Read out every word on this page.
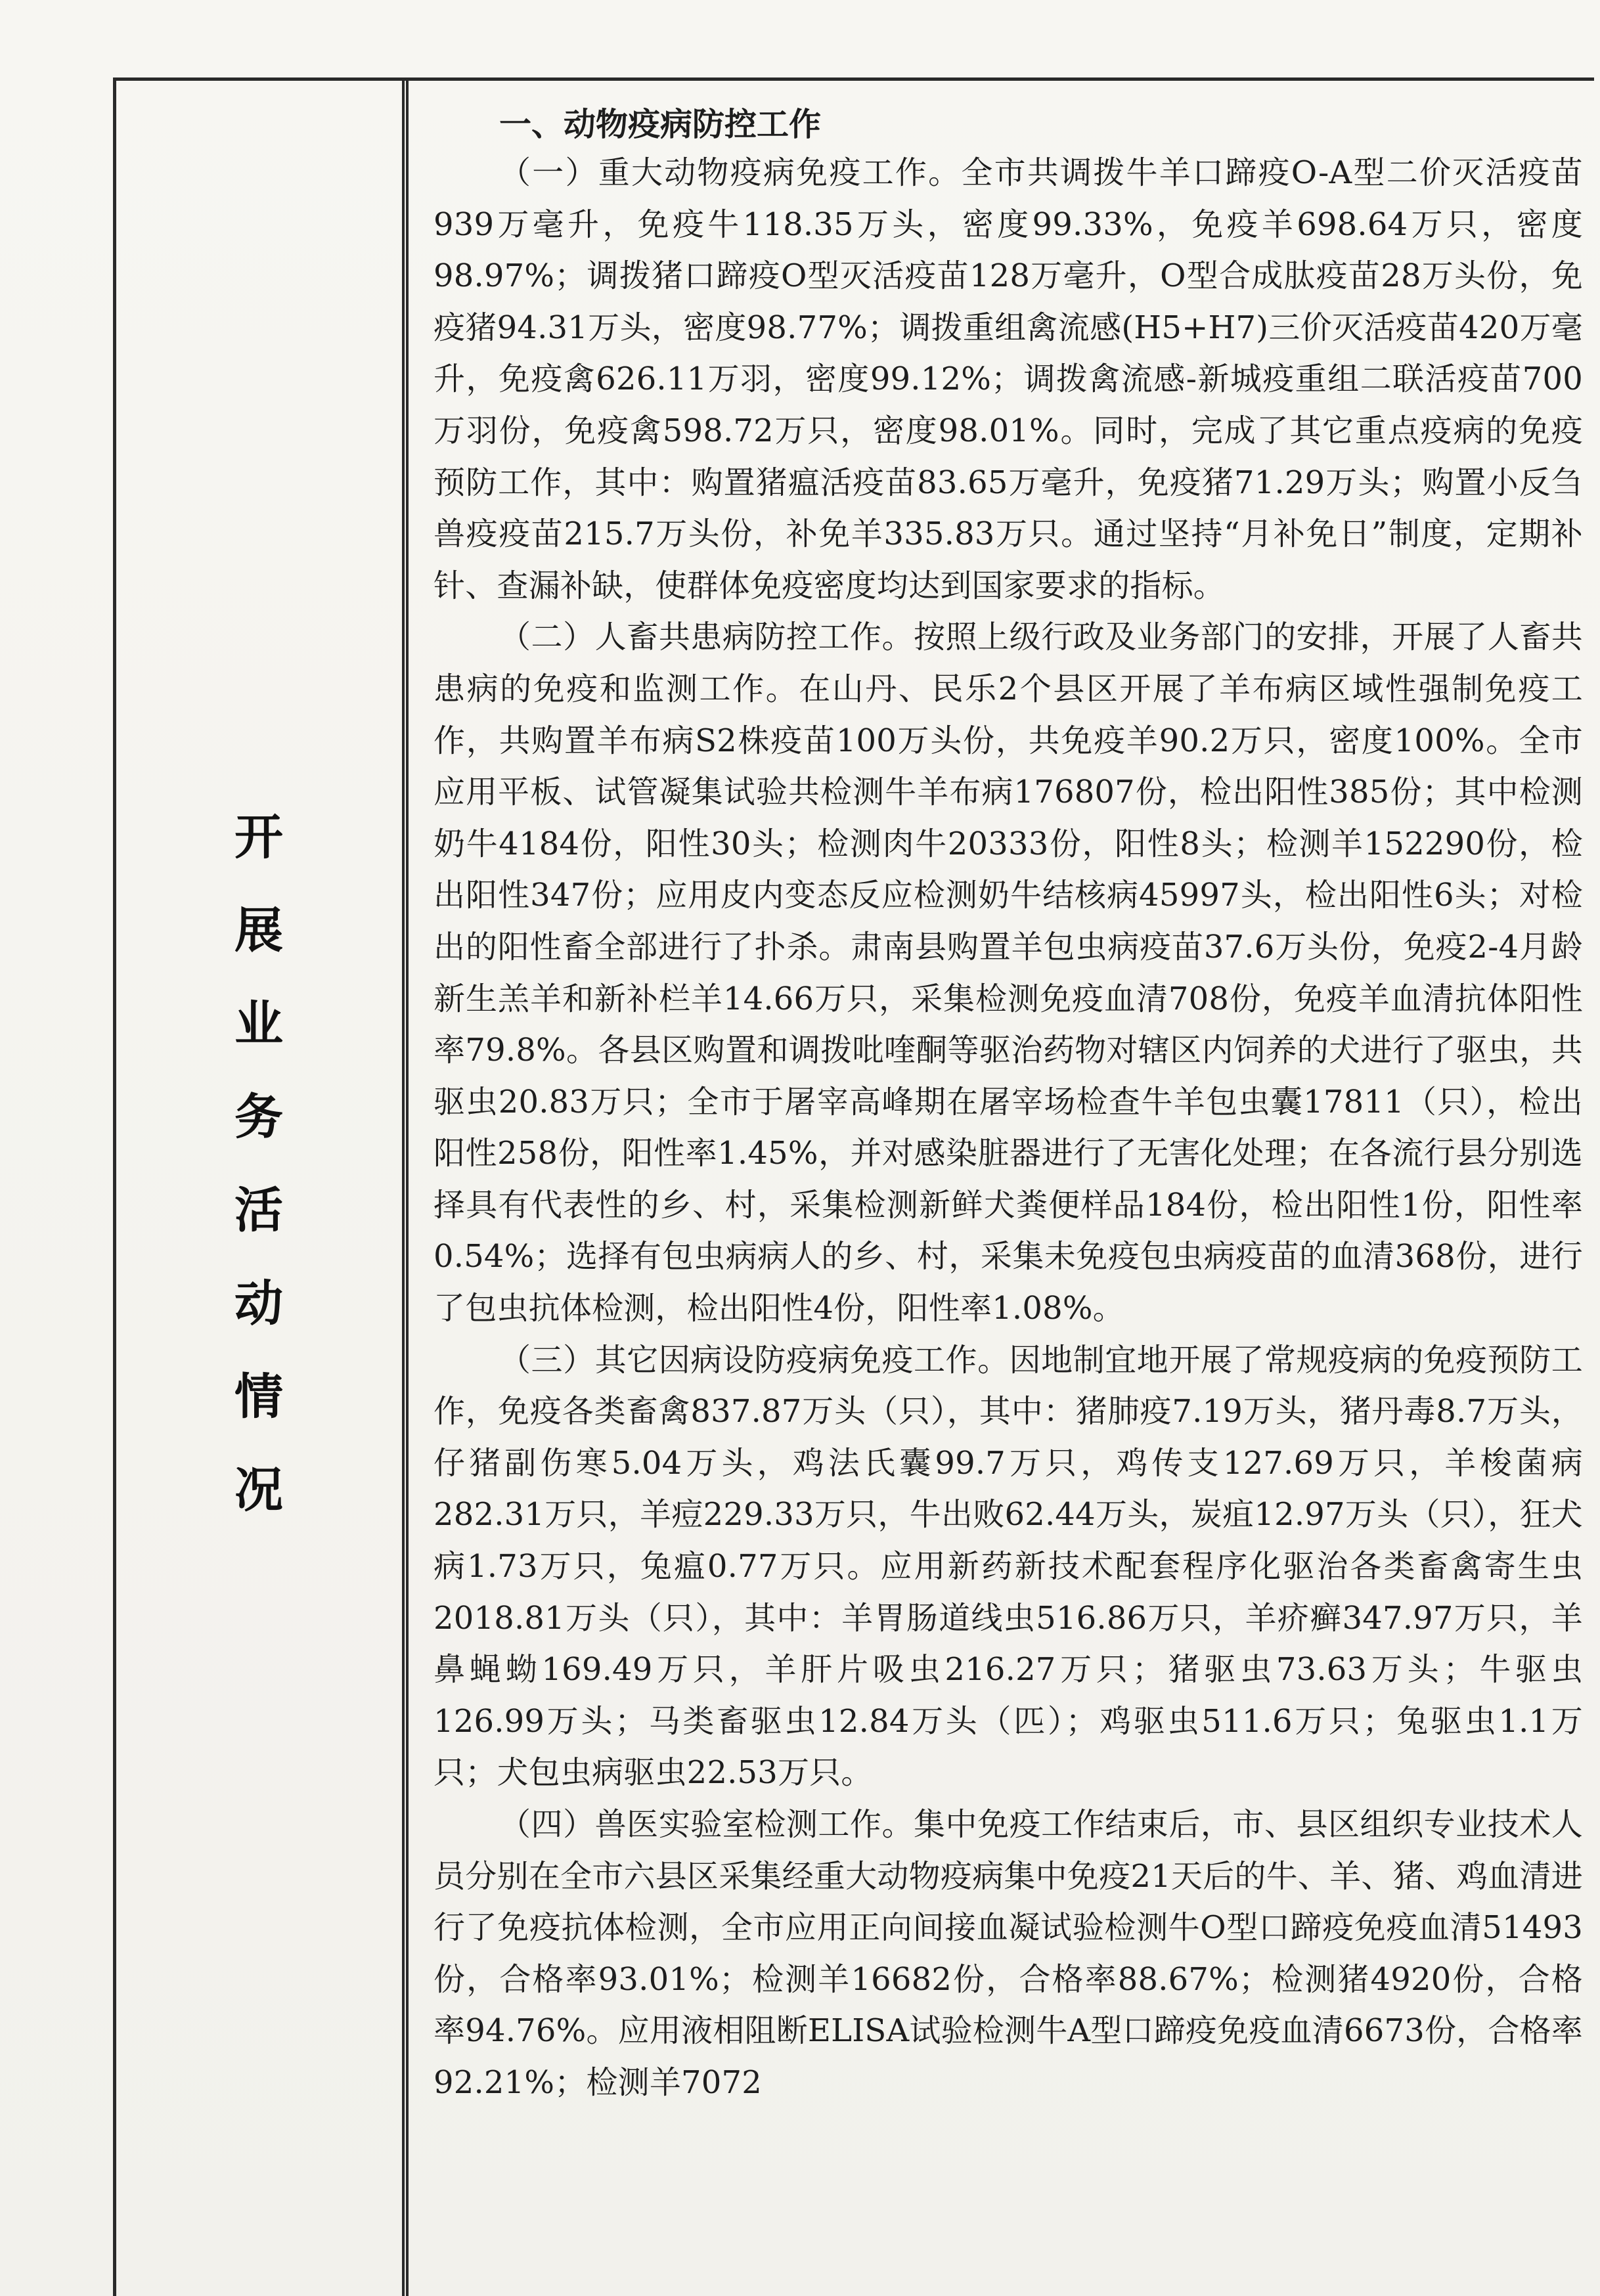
开
展
业
务
活
动
情
况
一、动物疫病防控工作

（一）重大动物疫病免疫工作。全市共调拨牛羊口蹄疫O-A型二价灭活疫苗939万毫升，免疫牛118.35万头，密度99.33%，免疫羊698.64万只，密度98.97%；调拨猪口蹄疫O型灭活疫苗128万毫升，O型合成肽疫苗28万头份，免疫猪94.31万头，密度98.77%；调拨重组禽流感(H5+H7)三价灭活疫苗420万毫升，免疫禽626.11万羽，密度99.12%；调拨禽流感-新城疫重组二联活疫苗700万羽份，免疫禽598.72万只，密度98.01%。同时，完成了其它重点疫病的免疫预防工作，其中：购置猪瘟活疫苗83.65万毫升，免疫猪71.29万头；购置小反刍兽疫疫苗215.7万头份，补免羊335.83万只。通过坚持“月补免日”制度，定期补针、查漏补缺，使群体免疫密度均达到国家要求的指标。

（二）人畜共患病防控工作。按照上级行政及业务部门的安排，开展了人畜共患病的免疫和监测工作。在山丹、民乐2个县区开展了羊布病区域性强制免疫工作，共购置羊布病S2株疫苗100万头份，共免疫羊90.2万只，密度100%。全市应用平板、试管凝集试验共检测牛羊布病176807份，检出阳性385份；其中检测奶牛4184份，阳性30头；检测肉牛20333份，阳性8头；检测羊152290份，检出阳性347份；应用皮内变态反应检测奶牛结核病45997头，检出阳性6头；对检出的阳性畜全部进行了扑杀。肃南县购置羊包虫病疫苗37.6万头份，免疫2-4月龄新生羔羊和新补栏羊14.66万只，采集检测免疫血清708份，免疫羊血清抗体阳性率79.8%。各县区购置和调拨吡喹酮等驱治药物对辖区内饲养的犬进行了驱虫，共驱虫20.83万只；全市于屠宰高峰期在屠宰场检查牛羊包虫囊17811（只），检出阳性258份，阳性率1.45%，并对感染脏器进行了无害化处理；在各流行县分别选择具有代表性的乡、村，采集检测新鲜犬粪便样品184份，检出阳性1份，阳性率0.54%；选择有包虫病病人的乡、村，采集未免疫包虫病疫苗的血清368份，进行了包虫抗体检测，检出阳性4份，阳性率1.08%。

（三）其它因病设防疫病免疫工作。因地制宜地开展了常规疫病的免疫预防工作，免疫各类畜禽837.87万头（只），其中：猪肺疫7.19万头，猪丹毒8.7万头，仔猪副伤寒5.04万头，鸡法氏囊99.7万只，鸡传支127.69万只，羊梭菌病282.31万只，羊痘229.33万只，牛出败62.44万头，炭疽12.97万头（只），狂犬病1.73万只，兔瘟0.77万只。应用新药新技术配套程序化驱治各类畜禽寄生虫2018.81万头（只），其中：羊胃肠道线虫516.86万只，羊疥癣347.97万只，羊鼻蝇蚴169.49万只，羊肝片吸虫216.27万只；猪驱虫73.63万头；牛驱虫126.99万头；马类畜驱虫12.84万头（匹）；鸡驱虫511.6万只；兔驱虫1.1万只；犬包虫病驱虫22.53万只。

（四）兽医实验室检测工作。集中免疫工作结束后，市、县区组织专业技术人员分别在全市六县区采集经重大动物疫病集中免疫21天后的牛、羊、猪、鸡血清进行了免疫抗体检测，全市应用正向间接血凝试验检测牛O型口蹄疫免疫血清51493份，合格率93.01%；检测羊16682份，合格率88.67%；检测猪4920份，合格率94.76%。应用液相阻断ELISA试验检测牛A型口蹄疫免疫血清6673份，合格率92.21%；检测羊7072
